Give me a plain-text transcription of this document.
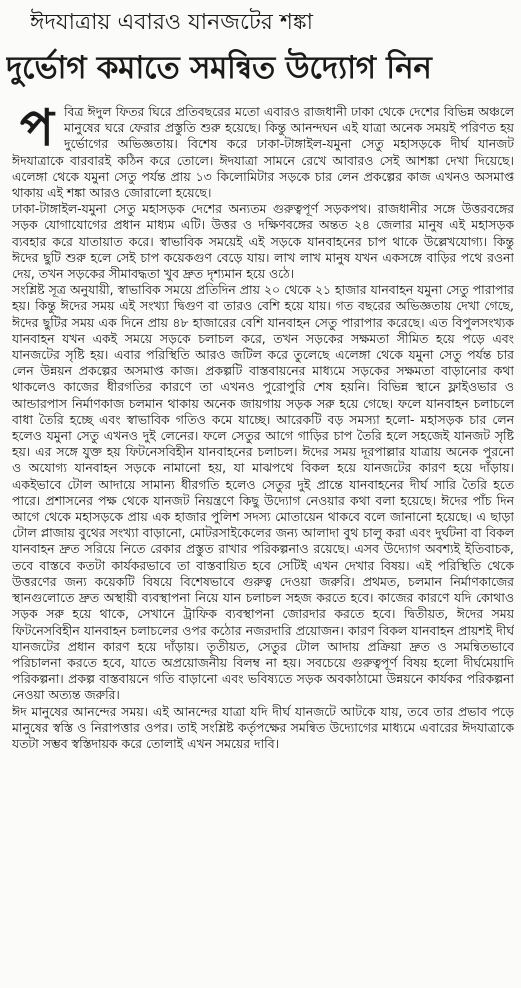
ঈদযাত্রায় এবারও যানজটের শঙ্কা
দুর্ভোগ কমাতে সমন্বিত উদ্যোগ নিন

পবিত্র ঈদুল ফিতর ঘিরে প্রতিবছরের মতো এবারও রাজধানী ঢাকা থেকে দেশের বিভিন্ন অঞ্চলে মানুষের ঘরে ফেরার প্রস্তুতি শুরু হয়েছে। কিন্তু আনন্দঘন এই যাত্রা অনেক সময়ই পরিণত হয় দুর্ভোগের অভিজ্ঞতায়। বিশেষ করে ঢাকা-টাঙ্গাইল-যমুনা সেতু মহাসড়কে দীর্ঘ যানজট ঈদযাত্রাকে বারবারই কঠিন করে তোলে। ঈদযাত্রা সামনে রেখে আবারও সেই আশঙ্কা দেখা দিয়েছে। এলেঙ্গা থেকে যমুনা সেতু পর্যন্ত প্রায় ১৩ কিলোমিটার সড়কে চার লেন প্রকল্পের কাজ এখনও অসমাপ্ত থাকায় এই শঙ্কা আরও জোরালো হয়েছে।

ঢাকা-টাঙ্গাইল-যমুনা সেতু মহাসড়ক দেশের অন্যতম গুরুত্বপূর্ণ সড়কপথ। রাজধানীর সঙ্গে উত্তরবঙ্গের সড়ক যোগাযোগের প্রধান মাধ্যম এটি। উত্তর ও দক্ষিণবঙ্গের অন্তত ২৪ জেলার মানুষ এই মহাসড়ক ব্যবহার করে যাতায়াত করে। স্বাভাবিক সময়েই এই সড়কে যানবাহনের চাপ থাকে উল্লেখযোগ্য। কিন্তু ঈদের ছুটি শুরু হলে সেই চাপ কয়েকগুণ বেড়ে যায়। লাখ লাখ মানুষ যখন একসঙ্গে বাড়ির পথে রওনা দেয়, তখন সড়কের সীমাবদ্ধতা খুব দ্রুত দৃশ্যমান হয়ে ওঠে।

সংশ্লিষ্ট সূত্র অনুযায়ী, স্বাভাবিক সময়ে প্রতিদিন প্রায় ২০ থেকে ২১ হাজার যানবাহন যমুনা সেতু পারাপার হয়। কিন্তু ঈদের সময় এই সংখ্যা দ্বিগুণ বা তারও বেশি হয়ে যায়। গত বছরের অভিজ্ঞতায় দেখা গেছে, ঈদের ছুটির সময় এক দিনে প্রায় ৪৮ হাজারের বেশি যানবাহন সেতু পারাপার করেছে। এত বিপুলসংখ্যক যানবাহন যখন একই সময়ে সড়কে চলাচল করে, তখন সড়কের সক্ষমতা সীমিত হয়ে পড়ে এবং যানজটের সৃষ্টি হয়। এবার পরিস্থিতি আরও জটিল করে তুলেছে এলেঙ্গা থেকে যমুনা সেতু পর্যন্ত চার লেন উন্নয়ন প্রকল্পের অসমাপ্ত কাজ। প্রকল্পটি বাস্তবায়নের মাধ্যমে সড়কের সক্ষমতা বাড়ানোর কথা থাকলেও কাজের ধীরগতির কারণে তা এখনও পুরোপুরি শেষ হয়নি। বিভিন্ন স্থানে ফ্লাইওভার ও আন্ডারপাস নির্মাণকাজ চলমান থাকায় অনেক জায়গায় সড়ক সরু হয়ে গেছে। ফলে যানবাহন চলাচলে বাধা তৈরি হচ্ছে এবং স্বাভাবিক গতিও কমে যাচ্ছে। আরেকটি বড় সমস্যা হলো- মহাসড়ক চার লেন হলেও যমুনা সেতু এখনও দুই লেনের। ফলে সেতুর আগে গাড়ির চাপ তৈরি হলে সহজেই যানজট সৃষ্টি হয়। এর সঙ্গে যুক্ত হয় ফিটনেসবিহীন যানবাহনের চলাচল। ঈদের সময় দূরপাল্লার যাত্রায় অনেক পুরনো ও অযোগ্য যানবাহন সড়কে নামানো হয়, যা মাঝপথে বিকল হয়ে যানজটের কারণ হয়ে দাঁড়ায়। একইভাবে টোল আদায়ে সামান্য ধীরগতি হলেও সেতুর দুই প্রান্তে যানবাহনের দীর্ঘ সারি তৈরি হতে পারে। প্রশাসনের পক্ষ থেকে যানজট নিয়ন্ত্রণে কিছু উদ্যোগ নেওয়ার কথা বলা হয়েছে। ঈদের পাঁচ দিন আগে থেকে মহাসড়কে প্রায় এক হাজার পুলিশ সদস্য মোতায়েন থাকবে বলে জানানো হয়েছে। এ ছাড়া টোল প্লাজায় বুথের সংখ্যা বাড়ানো, মোটরসাইকেলের জন্য আলাদা বুথ চালু করা এবং দুর্ঘটনা বা বিকল যানবাহন দ্রুত সরিয়ে নিতে রেকার প্রস্তুত রাখার পরিকল্পনাও রয়েছে। এসব উদ্যোগ অবশ্যই ইতিবাচক, তবে বাস্তবে কতটা কার্যকরভাবে তা বাস্তবায়িত হবে সেটিই এখন দেখার বিষয়। এই পরিস্থিতি থেকে উত্তরণের জন্য কয়েকটি বিষয়ে বিশেষভাবে গুরুত্ব দেওয়া জরুরি। প্রথমত, চলমান নির্মাণকাজের স্থানগুলোতে দ্রুত অস্থায়ী ব্যবস্থাপনা নিয়ে যান চলাচল সহজ করতে হবে। কাজের কারণে যদি কোথাও সড়ক সরু হয়ে থাকে, সেখানে ট্রাফিক ব্যবস্থাপনা জোরদার করতে হবে। দ্বিতীয়ত, ঈদের সময় ফিটনেসবিহীন যানবাহন চলাচলের ওপর কঠোর নজরদারি প্রয়োজন। কারণ বিকল যানবাহন প্রায়শই দীর্ঘ যানজটের প্রধান কারণ হয়ে দাঁড়ায়। তৃতীয়ত, সেতুর টোল আদায় প্রক্রিয়া দ্রুত ও সমন্বিতভাবে পরিচালনা করতে হবে, যাতে অপ্রয়োজনীয় বিলম্ব না হয়। সবচেয়ে গুরুত্বপূর্ণ বিষয় হলো দীর্ঘমেয়াদি পরিকল্পনা। প্রকল্প বাস্তবায়নে গতি বাড়ানো এবং ভবিষ্যতে সড়ক অবকাঠামো উন্নয়নে কার্যকর পরিকল্পনা নেওয়া অত্যন্ত জরুরি।

ঈদ মানুষের আনন্দের সময়। এই আনন্দের যাত্রা যদি দীর্ঘ যানজটে আটকে যায়, তবে তার প্রভাব পড়ে মানুষের স্বস্তি ও নিরাপত্তার ওপর। তাই সংশ্লিষ্ট কর্তৃপক্ষের সমন্বিত উদ্যোগের মাধ্যমে এবারের ঈদযাত্রাকে যতটা সম্ভব স্বস্তিদায়ক করে তোলাই এখন সময়ের দাবি।
